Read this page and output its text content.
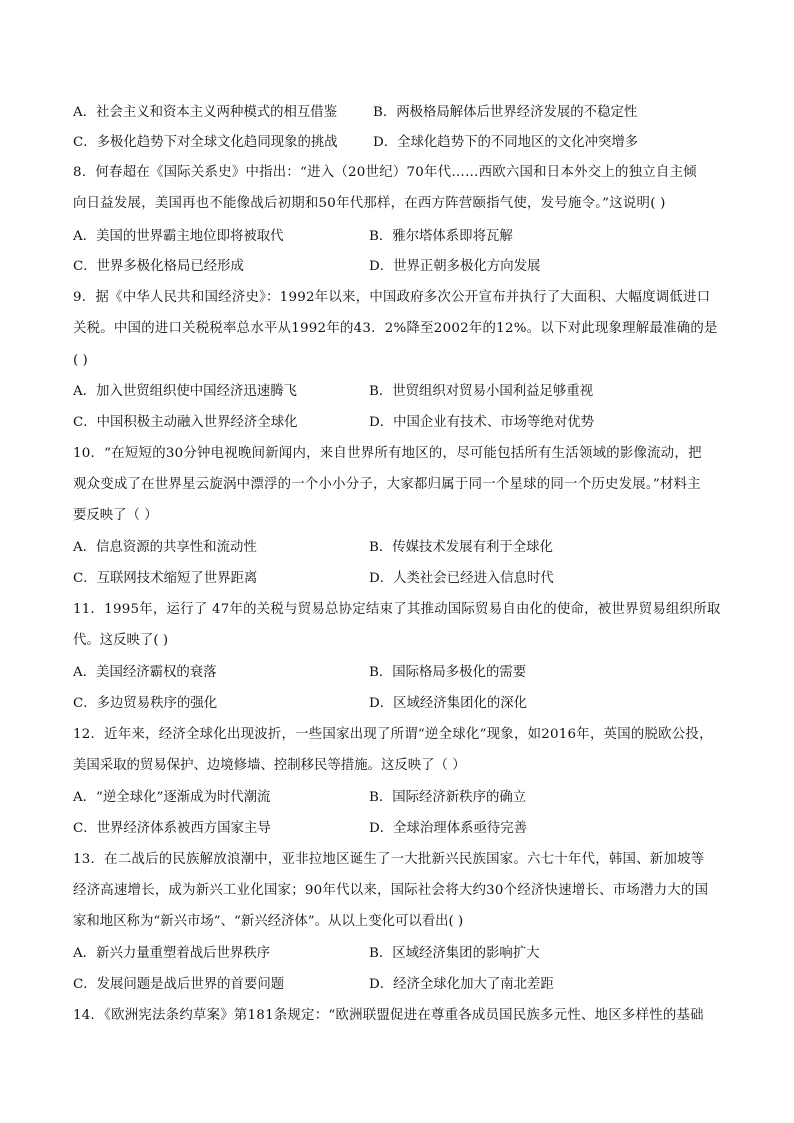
A．社会主义和资本主义两种模式的相互借鉴	B．两极格局解体后世界经济发展的不稳定性
C．多极化趋势下对全球文化趋同现象的挑战	D．全球化趋势下的不同地区的文化冲突增多
8．何春超在《国际关系史》中指出：“进入（20世纪）70年代……西欧六国和日本外交上的独立自主倾
向日益发展，美国再也不能像战后初期和50年代那样，在西方阵营颐指气使，发号施令。”这说明( )
A．美国的世界霸主地位即将被取代	B．雅尔塔体系即将瓦解
C．世界多极化格局已经形成	D．世界正朝多极化方向发展
9．据《中华人民共和国经济史》：1992年以来，中国政府多次公开宣布并执行了大面积、大幅度调低进口
关税。中国的进口关税税率总水平从1992年的43．2%降至2002年的12%。以下对此现象理解最准确的是
( )
A．加入世贸组织使中国经济迅速腾飞	B．世贸组织对贸易小国利益足够重视
C．中国积极主动融入世界经济全球化	D．中国企业有技术、市场等绝对优势
10．“在短短的30分钟电视晚间新闻内，来自世界所有地区的，尽可能包括所有生活领域的影像流动，把
观众变成了在世界星云旋涡中漂浮的一个小小分子，大家都归属于同一个星球的同一个历史发展。”材料主
要反映了（ ）
A．信息资源的共享性和流动性	B．传媒技术发展有利于全球化
C．互联网技术缩短了世界距离	D．人类社会已经进入信息时代
11．1995年，运行了 47年的关税与贸易总协定结束了其推动国际贸易自由化的使命，被世界贸易组织所取
代。这反映了( )
A．美国经济霸权的衰落	B．国际格局多极化的需要
C．多边贸易秩序的强化	D．区域经济集团化的深化
12．近年来，经济全球化出现波折，一些国家出现了所谓“逆全球化”现象，如2016年，英国的脱欧公投，
美国采取的贸易保护、边境修墙、控制移民等措施。这反映了（ ）
A．“逆全球化”逐渐成为时代潮流	B．国际经济新秩序的确立
C．世界经济体系被西方国家主导	D．全球治理体系亟待完善
13．在二战后的民族解放浪潮中，亚非拉地区诞生了一大批新兴民族国家。六七十年代，韩国、新加坡等
经济高速增长，成为新兴工业化国家；90年代以来，国际社会将大约30个经济快速增长、市场潜力大的国
家和地区称为“新兴市场”、“新兴经济体”。从以上变化可以看出( )
A．新兴力量重塑着战后世界秩序	B．区域经济集团的影响扩大
C．发展问题是战后世界的首要问题	D．经济全球化加大了南北差距
14．《欧洲宪法条约草案》第181条规定：“欧洲联盟促进在尊重各成员国民族多元性、地区多样性的基础
